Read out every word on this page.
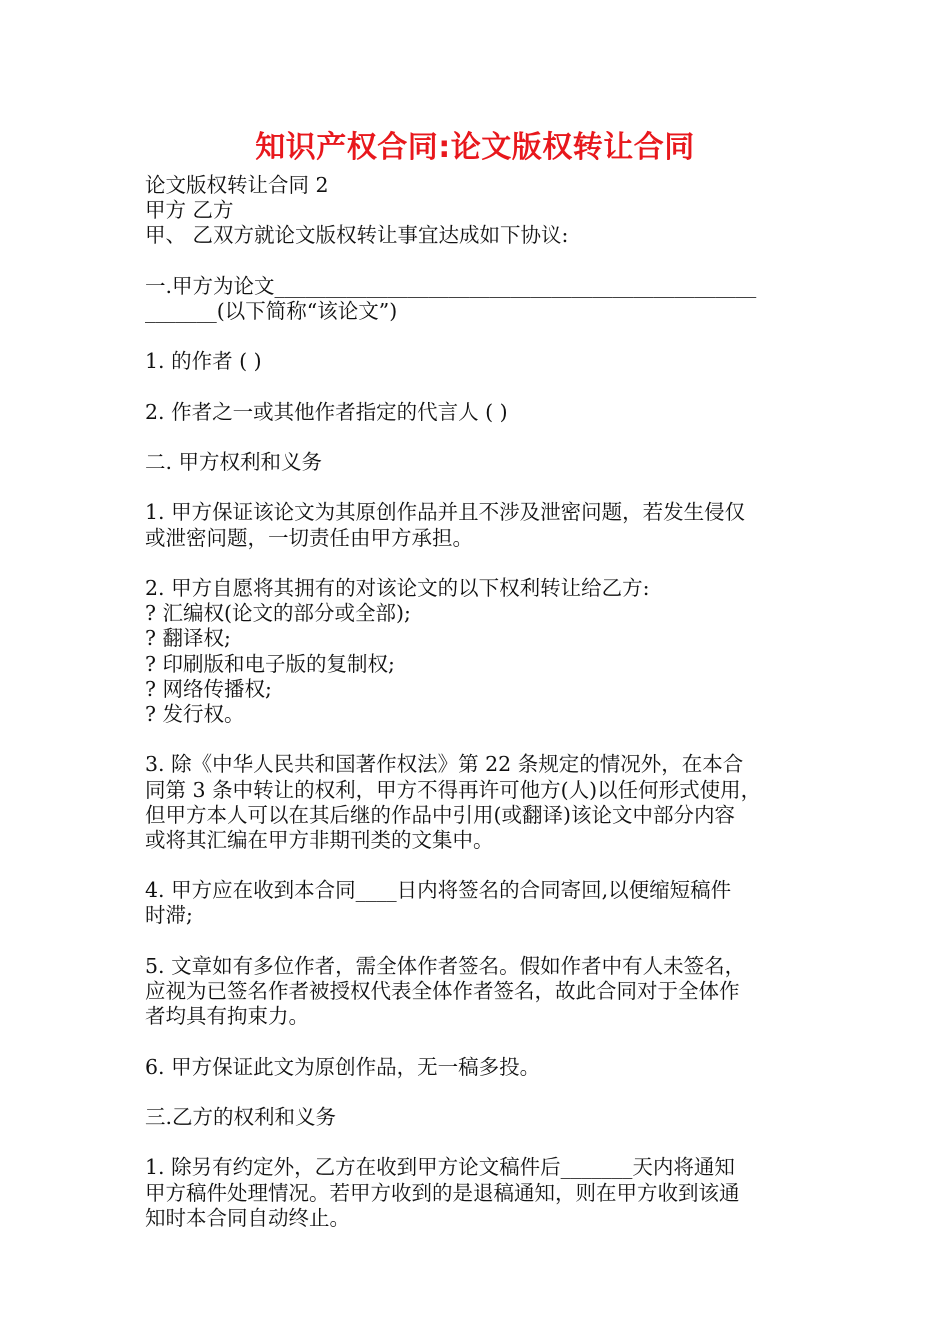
知识产权合同:论文版权转让合同
论文版权转让合同 2
甲方 乙方
甲、 乙双方就论文版权转让事宜达成如下协议:
一.甲方为论文_______________________________________________
_______(以下简称“该论文”)
1. 的作者 ( )
2. 作者之一或其他作者指定的代言人 ( )
二. 甲方权利和义务
1. 甲方保证该论文为其原创作品并且不涉及泄密问题，若发生侵仅
或泄密问题，一切责任由甲方承担。
2. 甲方自愿将其拥有的对该论文的以下权利转让给乙方:
? 汇编权(论文的部分或全部);
? 翻译权;
? 印刷版和电子版的复制权;
? 网络传播权;
? 发行权。
3. 除《中华人民共和国著作权法》第 22 条规定的情况外，在本合
同第 3 条中转让的权利，甲方不得再许可他方(人)以任何形式使用，
但甲方本人可以在其后继的作品中引用(或翻译)该论文中部分内容
或将其汇编在甲方非期刊类的文集中。
4. 甲方应在收到本合同____日内将签名的合同寄回,以便缩短稿件
时滞;
5. 文章如有多位作者，需全体作者签名。假如作者中有人未签名，
应视为已签名作者被授权代表全体作者签名，故此合同对于全体作
者均具有拘束力。
6. 甲方保证此文为原创作品，无一稿多投。
三.乙方的权利和义务
1. 除另有约定外，乙方在收到甲方论文稿件后_______天内将通知
甲方稿件处理情况。若甲方收到的是退稿通知，则在甲方收到该通
知时本合同自动终止。
